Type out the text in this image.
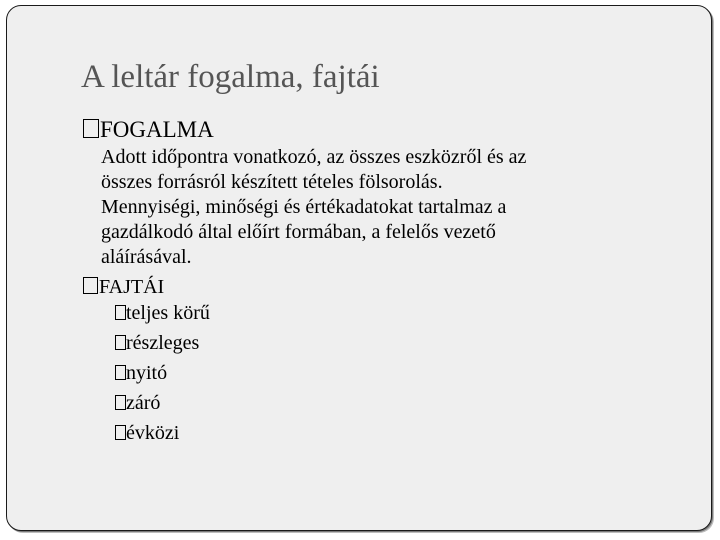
A leltár fogalma, fajtái
FOGALMA
Adott időpontra vonatkozó, az összes eszközről és az
összes forrásról készített tételes fölsorolás.
Mennyiségi, minőségi és értékadatokat tartalmaz a
gazdálkodó által előírt formában, a felelős vezető
aláírásával.
FAJTÁI
teljes körű
részleges
nyitó
záró
évközi
